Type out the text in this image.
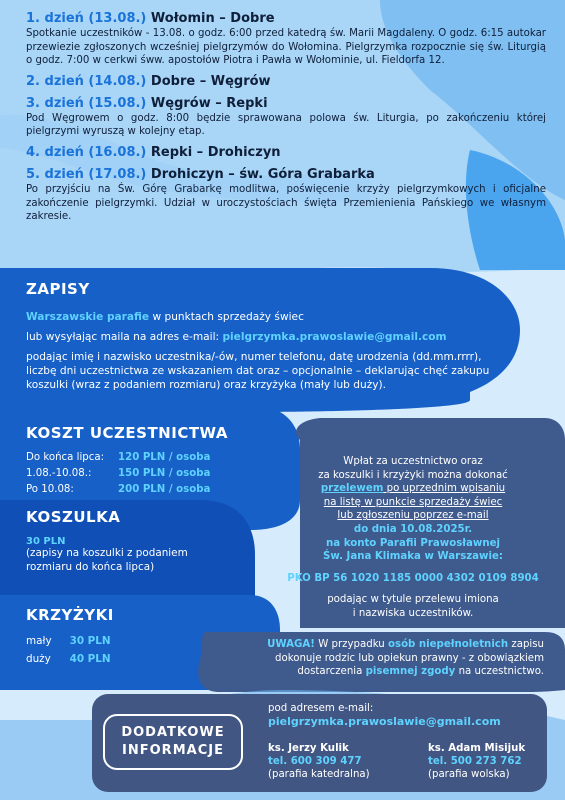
1. dzień (13.08.) Wołomin – Dobre
Spotkanie uczestników - 13.08. o godz. 6:00 przed katedrą św. Marii Magdaleny. O godz. 6:15 autokar przewiezie zgłoszonych wcześniej pielgrzymów do Wołomina. Pielgrzymka rozpocznie się św. Liturgią o godz. 7:00 w cerkwi śww. apostołów Piotra i Pawła w Wołominie, ul. Fieldorfa 12.
2. dzień (14.08.) Dobre – Węgrów
3. dzień (15.08.) Węgrów – Repki
Pod Węgrowem o godz. 8:00 będzie sprawowana polowa św. Liturgia, po zakończeniu której pielgrzymi wyruszą w kolejny etap.
4. dzień (16.08.) Repki – Drohiczyn
5. dzień (17.08.) Drohiczyn – św. Góra Grabarka
Po przyjściu na Św. Górę Grabarkę modlitwa, poświęcenie krzyży pielgrzymkowych i oficjalne zakończenie pielgrzymki. Udział w uroczystościach święta Przemienienia Pańskiego we własnym zakresie.
ZAPISY
Warszawskie parafie w punktach sprzedaży świec
lub wysyłając maila na adres e-mail: pielgrzymka.prawoslawie@gmail.com
podając imię i nazwisko uczestnika/-ów, numer telefonu, datę urodzenia (dd.mm.rrrr), liczbę dni uczestnictwa ze wskazaniem dat oraz – opcjonalnie – deklarując chęć zakupu koszulki (wraz z podaniem rozmiaru) oraz krzyżyka (mały lub duży).
KOSZT UCZESTNICTWA
Do końca lipca:	120 PLN / osoba
1.08.-10.08.:	150 PLN / osoba
Po 10.08:	200 PLN / osoba
KOSZULKA
30 PLN
(zapisy na koszulki z podaniem rozmiaru do końca lipca)
KRZYŻYKI
mały	30 PLN
duży	40 PLN
Wpłat za uczestnictwo oraz
za koszulki i krzyżyki można dokonać
przelewem po uprzednim wpisaniu
na listę w punkcie sprzedaży świec
lub zgłoszeniu poprzez e-mail
do dnia 10.08.2025r.
na konto Parafii Prawosławnej
Św. Jana Klimaka w Warszawie:
PKO BP 56 1020 1185 0000 4302 0109 8904
podając w tytule przelewu imiona
i nazwiska uczestników.
UWAGA! W przypadku osób niepełnoletnich zapisu
dokonuje rodzic lub opiekun prawny - z obowiązkiem
dostarczenia pisemnej zgody na uczestnictwo.
DODATKOWE
INFORMACJE
pod adresem e-mail:
pielgrzymka.prawoslawie@gmail.com
ks. Jerzy Kulik
tel. 600 309 477
(parafia katedralna)
ks. Adam Misijuk
tel. 500 273 762
(parafia wolska)
